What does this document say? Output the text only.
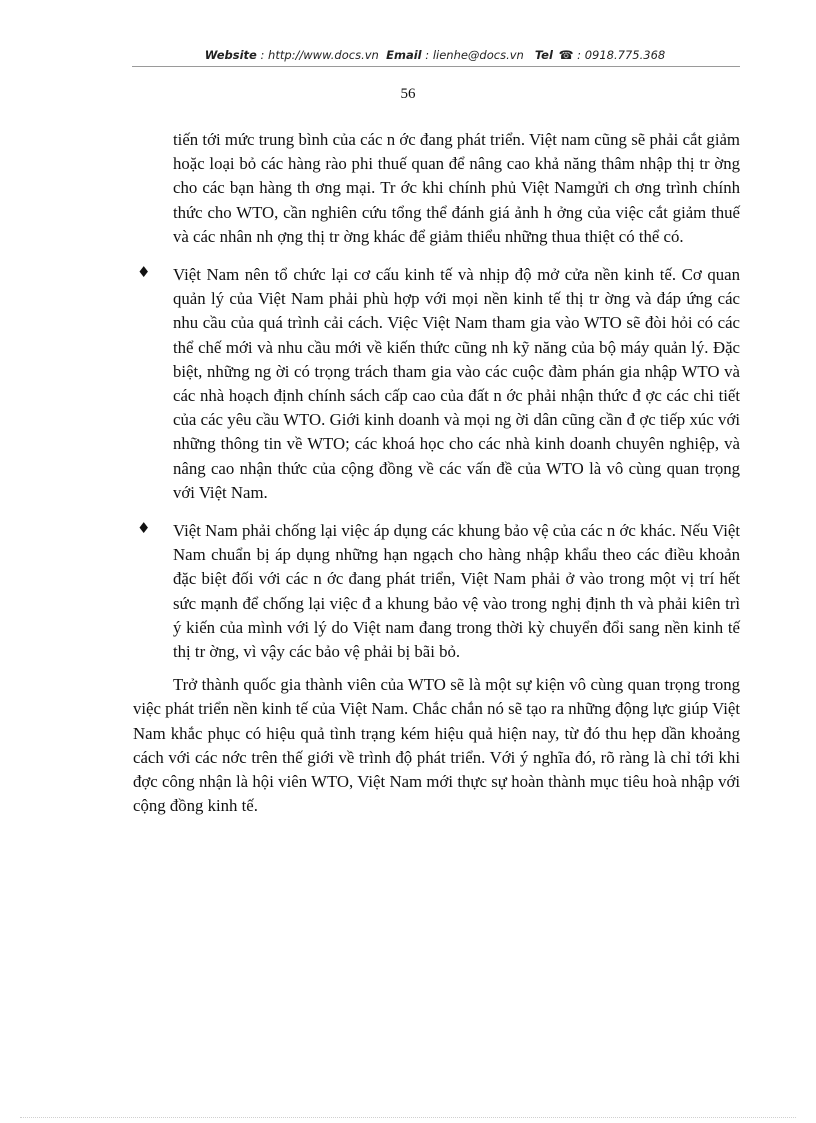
Website : http://www.docs.vn Email : lienhe@docs.vn Tel ☎ : 0918.775.368
56

tiến tới mức trung bình của các n ớc đang phát triển. Việt nam cũng sẽ phải cắt giảm hoặc loại bỏ các hàng rào phi thuế quan để nâng cao khả năng thâm nhập thị tr ờng cho các bạn hàng th ơng mại. Tr ớc khi chính phủ Việt Namgửi ch ơng trình chính thức cho WTO, cần nghiên cứu tổng thể đánh giá ảnh h ởng của việc cắt giảm thuế và các nhân nh ợng thị tr ờng khác để giảm thiểu những thua thiệt có thể có.

♦ Việt Nam nên tổ chức lại cơ cấu kinh tế và nhịp độ mở cửa nền kinh tế. Cơ quan quản lý của Việt Nam phải phù hợp với mọi nền kinh tế thị tr ờng và đáp ứng các nhu cầu của quá trình cải cách. Việc Việt Nam tham gia vào WTO sẽ đòi hỏi có các thể chế mới và nhu cầu mới về kiến thức cũng nh kỹ năng của bộ máy quản lý. Đặc biệt, những ng ời có trọng trách tham gia vào các cuộc đàm phán gia nhập WTO và các nhà hoạch định chính sách cấp cao của đất n ớc phải nhận thức đ ợc các chi tiết của các yêu cầu WTO. Giới kinh doanh và mọi ng ời dân cũng cần đ ợc tiếp xúc với những thông tin về WTO; các khoá học cho các nhà kinh doanh chuyên nghiệp, và nâng cao nhận thức của cộng đồng về các vấn đề của WTO là vô cùng quan trọng với Việt Nam.
♦ Việt Nam phải chống lại việc áp dụng các khung bảo vệ của các n ớc khác. Nếu Việt Nam chuẩn bị áp dụng những hạn ngạch cho hàng nhập khẩu theo các điều khoản đặc biệt đối với các n ớc đang phát triển, Việt Nam phải ở vào trong một vị trí hết sức mạnh để chống lại việc đ a khung bảo vệ vào trong nghị định th và phải kiên trì ý kiến của mình với lý do Việt nam đang trong thời kỳ chuyển đổi sang nền kinh tế thị tr ờng, vì vậy các bảo vệ phải bị bãi bỏ.

Trở thành quốc gia thành viên của WTO sẽ là một sự kiện vô cùng quan trọng trong việc phát triển nền kinh tế của Việt Nam. Chắc chắn nó sẽ tạo ra những động lực giúp Việt Nam khắc phục có hiệu quả tình trạng kém hiệu quả hiện nay, từ đó thu hẹp dần khoảng cách với các nớc trên thế giới về trình độ phát triển. Với ý nghĩa đó, rõ ràng là chỉ tới khi đợc công nhận là hội viên WTO, Việt Nam mới thực sự hoàn thành mục tiêu hoà nhập với cộng đồng kinh tế.
